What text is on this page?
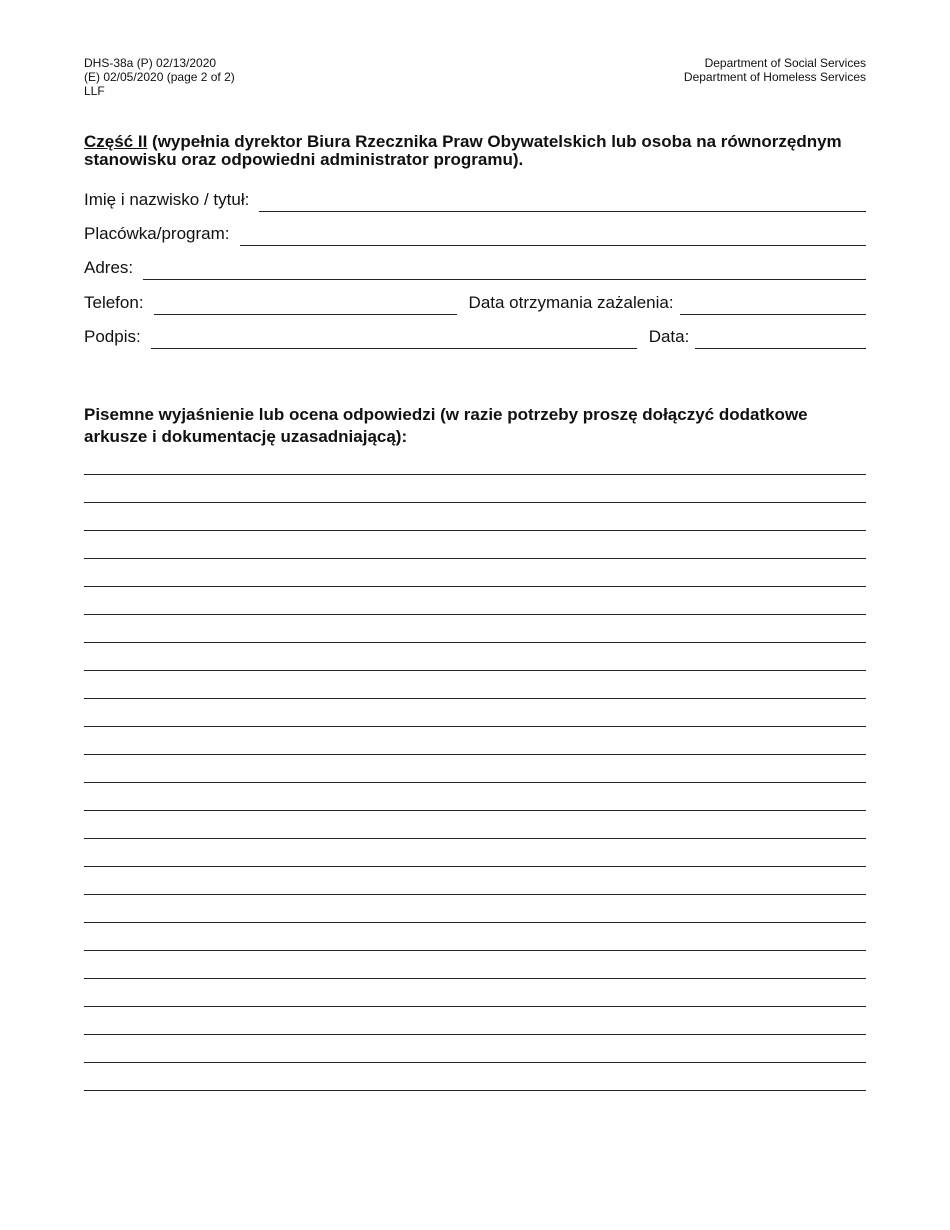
DHS-38a (P) 02/13/2020
(E) 02/05/2020 (page 2 of 2)
LLF
Department of Social Services
Department of Homeless Services
Część II (wypełnia dyrektor Biura Rzecznika Praw Obywatelskich lub osoba na równorzędnym stanowisku oraz odpowiedni administrator programu).
Imię i nazwisko / tytuł:
Placówka/program:
Adres:
Telefon:	Data otrzymania zażalenia:
Podpis:	Data:
Pisemne wyjaśnienie lub ocena odpowiedzi (w razie potrzeby proszę dołączyć dodatkowe arkusze i dokumentację uzasadniającą):
